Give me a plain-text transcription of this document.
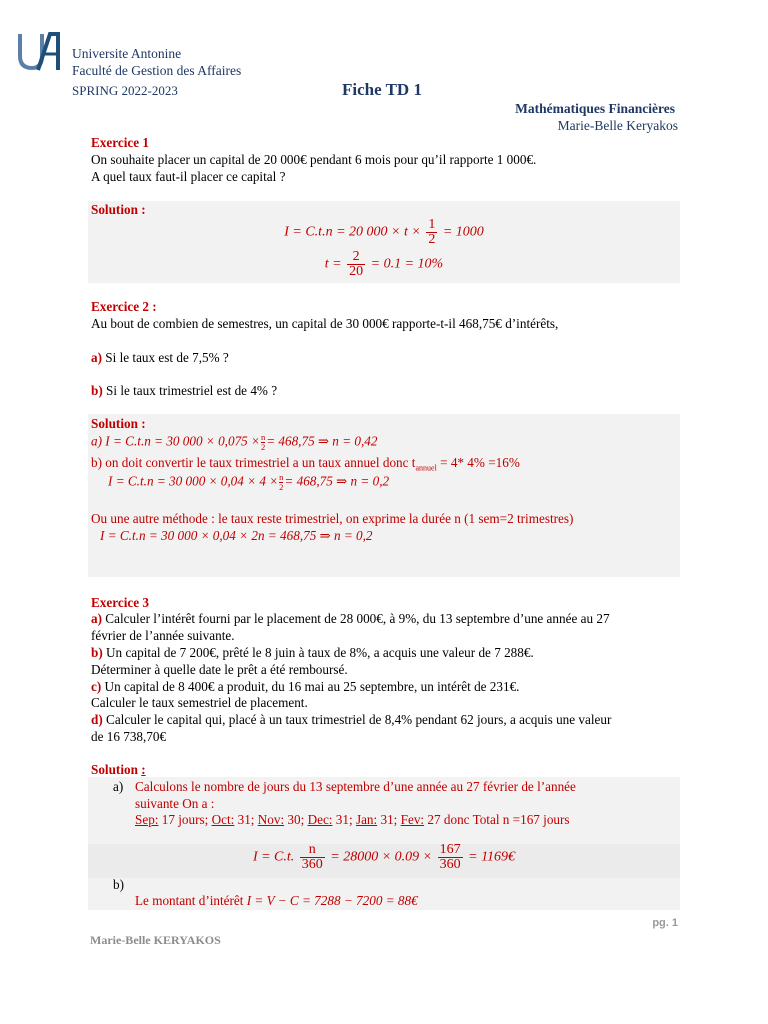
Universite Antonine
Faculté de Gestion des Affaires
SPRING 2022-2023	Fiche TD 1
Mathématiques Financières
Marie-Belle Keryakos
Exercice 1
On souhaite placer un capital de 20 000€ pendant 6 mois pour qu’il rapporte 1 000€.
A quel taux faut-il placer ce capital ?
Solution :
I = C.t.n = 20 $000 \times t \times \frac{1}{2} = 1000$
$t = \frac{2}{20} = 0.1 = 10\%$
Exercice 2 :
Au bout de combien de semestres, un capital de 30 000€ rapporte-t-il 468,75€ d’intérêts,
a) Si le taux est de 7,5% ?
b) Si le taux trimestriel est de 4% ?
Solution :
a) I = C.t.n = 30 $000 \times 0,075 \times \frac{n}{2} = 468,75$ ⇒ n = 0,42
b) on doit convertir le taux trimestriel a un taux annuel donc $t_{annuel} = 4*$ 4% =16%
I = C.t.n = 30 $000 \times 0,04 \times 4 \times \frac{n}{2} = 468,75$ ⇒ n = 0,2
Ou une autre méthode : le taux reste trimestriel, on exprime la durée n (1 sem=2 trimestres)
I = C.t.n = 30 000 × 0,04 × 2n = 468,75 ⇒ n = 0,2
Exercice 3
a) Calculer l’intérêt fourni par le placement de 28 000€, à 9%, du 13 septembre d’une année au 27
février de l’année suivante.
b) Un capital de 7 200€, prêté le 8 juin à taux de 8%, a acquis une valeur de 7 288€.
Déterminer à quelle date le prêt a été remboursé.
c) Un capital de 8 400€ a produit, du 16 mai au 25 septembre, un intérêt de 231€.
Calculer le taux semestriel de placement.
d) Calculer le capital qui, placé à un taux trimestriel de 8,4% pendant 62 jours, a acquis une valeur
de 16 738,70€
Solution :
a) Calculons le nombre de jours du 13 septembre d’une année au 27 février de l’année
suivante On a :
Sep: 17 jours; Oct: 31; Nov: 30; Dec: 31; Jan: 31; Fev: 27 donc Total n =167 jours
I = C.t. $\frac{n}{360} = 28000 \times 0.09 \times \frac{167}{360}$ = 1169€
b)
Le montant d’intérêt I = V − C = 7288 − 7200 = 88€
pg. 1
Marie-Belle KERYAKOS
